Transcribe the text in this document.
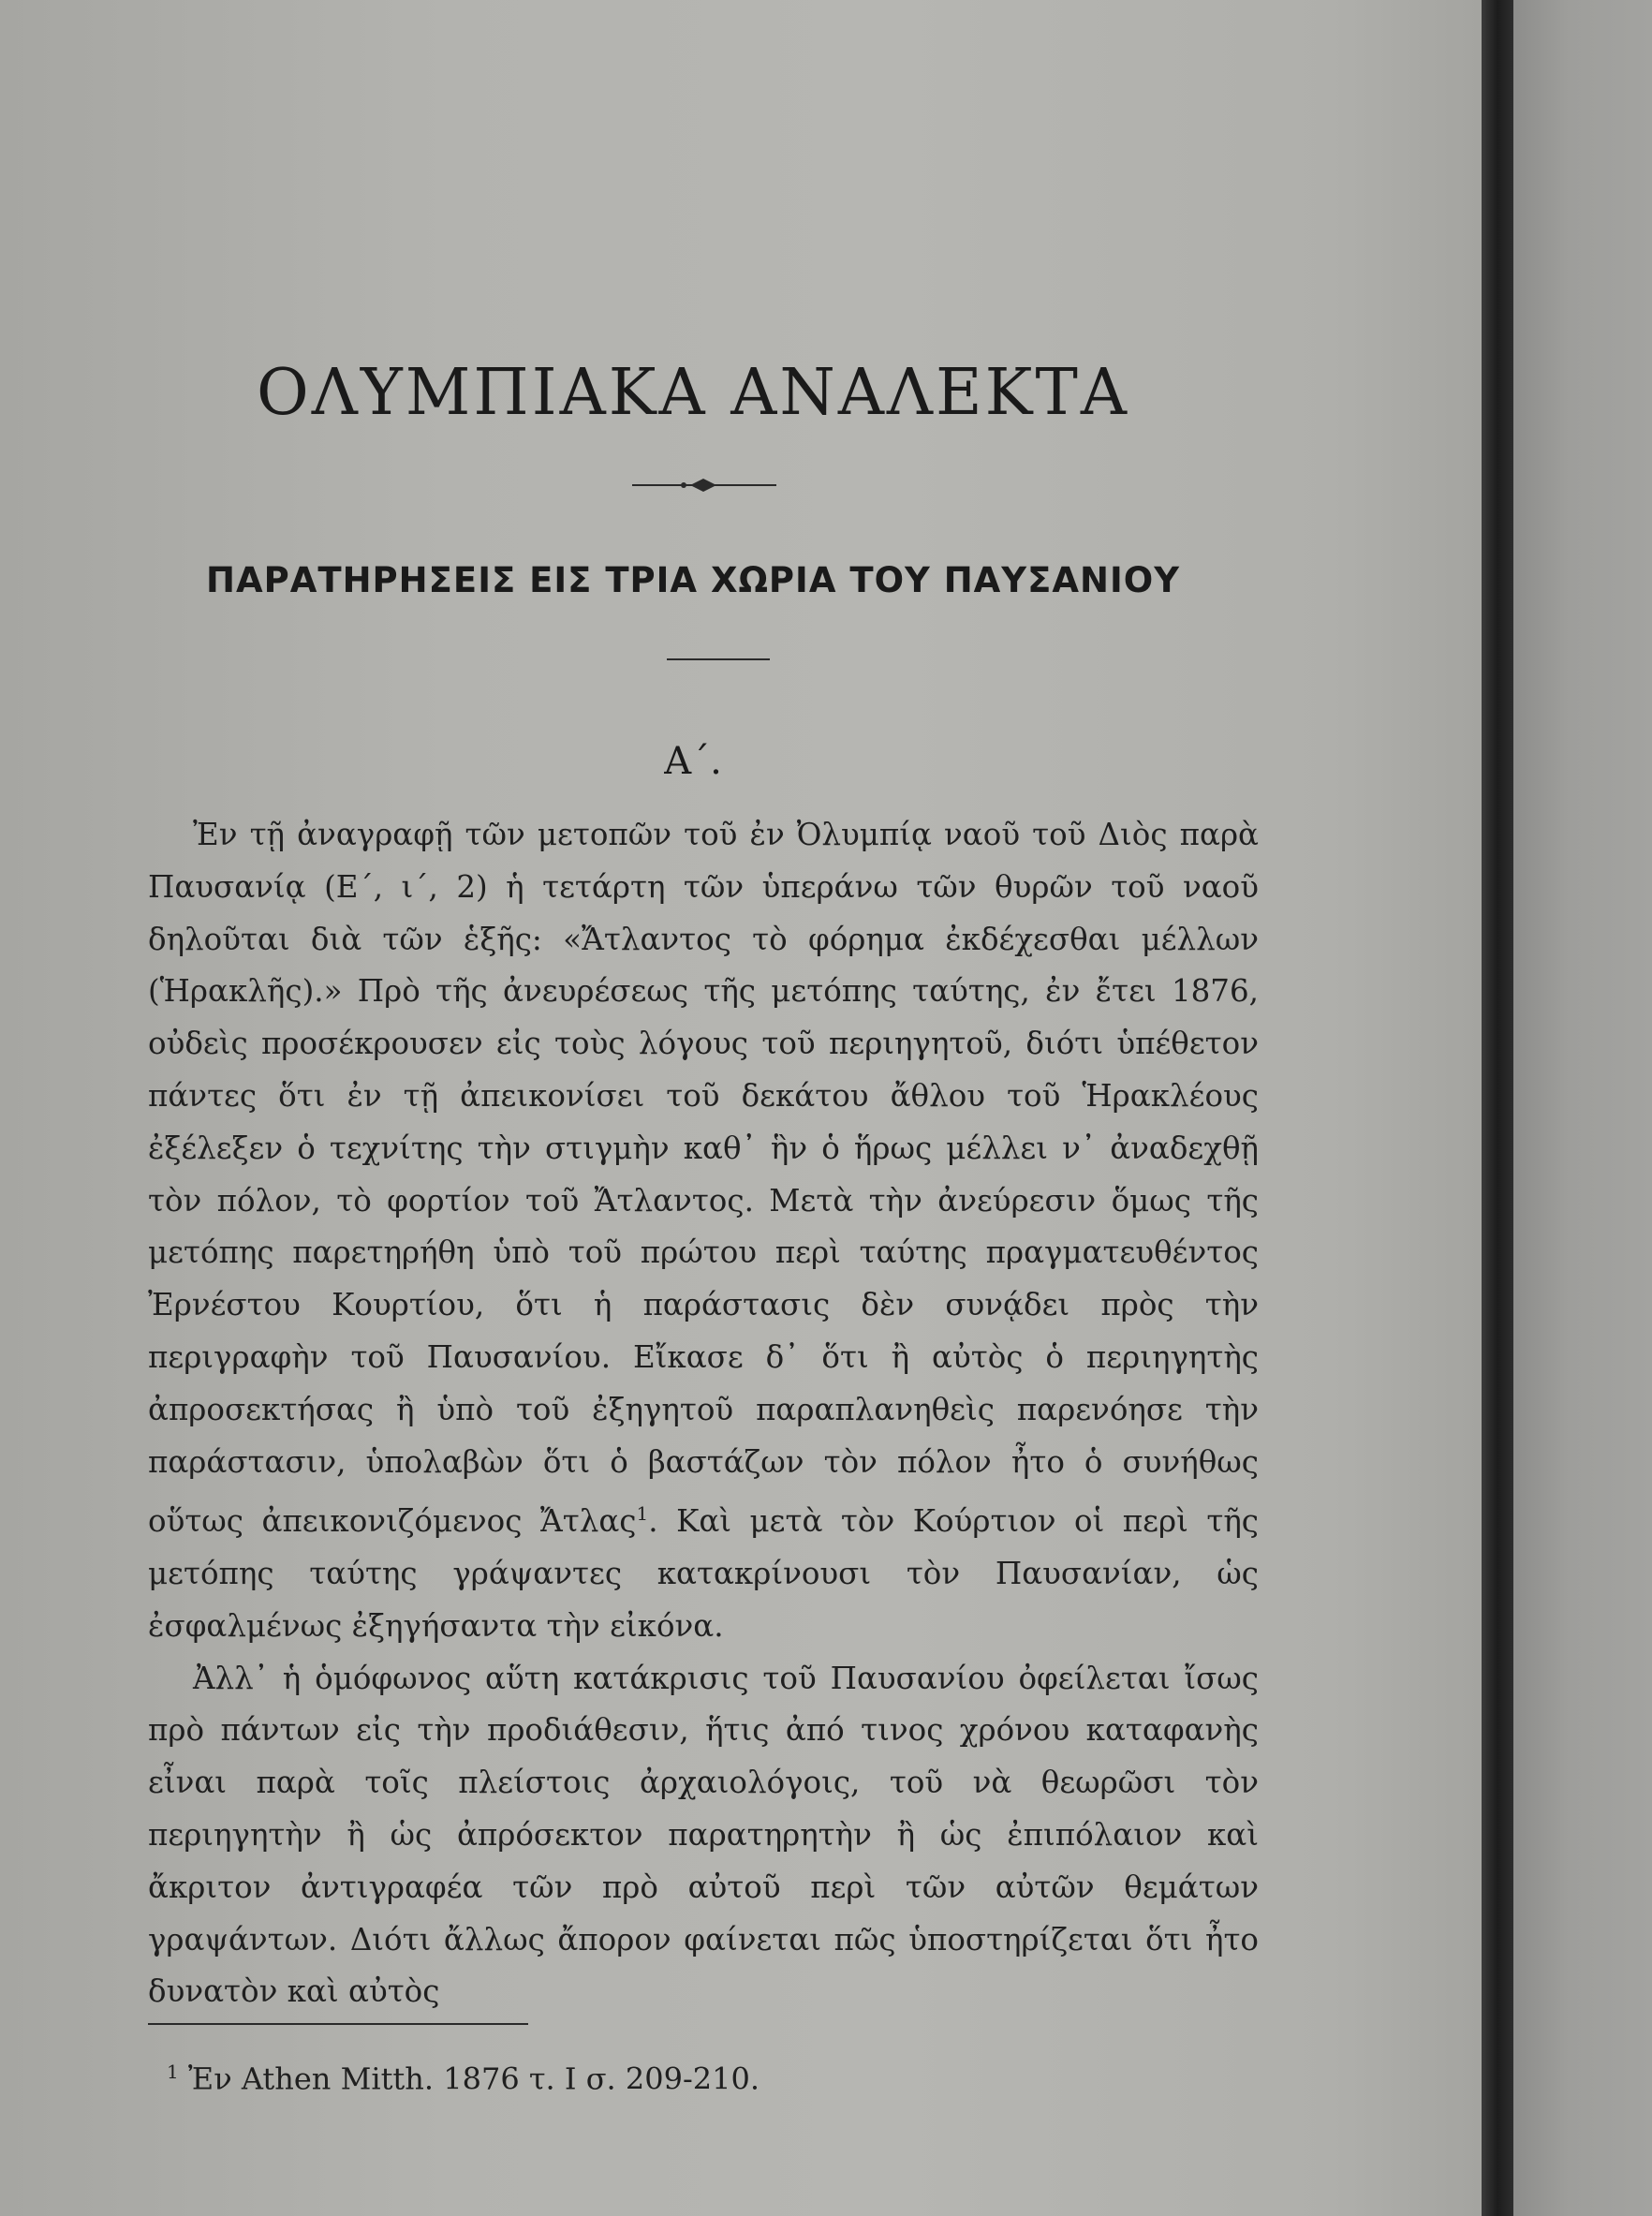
ΟΛΥΜΠΙΑΚΑ ΑΝΑΛΕΚΤΑ
ΠΑΡΑΤΗΡΗΣΕΙΣ ΕΙΣ ΤΡΙΑ ΧΩΡΙΑ ΤΟΥ ΠΑΥΣΑΝΙΟΥ
Α΄.

Ἐν τῇ ἀναγραφῇ τῶν μετοπῶν τοῦ ἐν Ὀλυμπίᾳ ναοῦ τοῦ Διὸς παρὰ Παυσανίᾳ (Ε΄, ι΄, 2) ἡ τετάρτη τῶν ὑπεράνω τῶν θυρῶν τοῦ ναοῦ δηλοῦται διὰ τῶν ἑξῆς: «Ἄτλαντος τὸ φόρημα ἐκδέχεσθαι μέλλων (Ἡρακλῆς).» Πρὸ τῆς ἀνευρέσεως τῆς μετόπης ταύτης, ἐν ἔτει 1876, οὐδεὶς προσέκρουσεν εἰς τοὺς λόγους τοῦ περιηγητοῦ, διότι ὑπέθετον πάντες ὅτι ἐν τῇ ἀπεικονίσει τοῦ δεκάτου ἄθλου τοῦ Ἡρακλέους ἐξέλεξεν ὁ τεχνίτης τὴν στιγμὴν καθ᾽ ἣν ὁ ἥρως μέλλει ν᾽ ἀναδεχθῇ τὸν πόλον, τὸ φορτίον τοῦ Ἄτλαντος. Μετὰ τὴν ἀνεύρεσιν ὅμως τῆς μετόπης παρετηρήθη ὑπὸ τοῦ πρώτου περὶ ταύτης πραγματευθέντος Ἐρνέστου Κουρτίου, ὅτι ἡ παράστασις δὲν συνᾴδει πρὸς τὴν περιγραφὴν τοῦ Παυσανίου. Εἴκασε δ᾽ ὅτι ἢ αὐτὸς ὁ περιηγητὴς ἀπροσεκτήσας ἢ ὑπὸ τοῦ ἐξηγητοῦ παραπλανηθεὶς παρενόησε τὴν παράστασιν, ὑπολαβὼν ὅτι ὁ βαστάζων τὸν πόλον ἦτο ὁ συνήθως οὕτως ἀπεικονιζόμενος Ἄτλας$^1$. Καὶ μετὰ τὸν Κούρτιον οἱ περὶ τῆς μετόπης ταύτης γράψαντες κατακρίνουσι τὸν Παυσανίαν, ὡς ἐσφαλμένως ἐξηγήσαντα τὴν εἰκόνα.

Ἀλλ᾽ ἡ ὁμόφωνος αὕτη κατάκρισις τοῦ Παυσανίου ὀφείλεται ἴσως πρὸ πάντων εἰς τὴν προδιάθεσιν, ἥτις ἀπό τινος χρόνου καταφανὴς εἶναι παρὰ τοῖς πλείστοις ἀρχαιολόγοις, τοῦ νὰ θεωρῶσι τὸν περιηγητὴν ἢ ὡς ἀπρόσεκτον παρατηρητὴν ἢ ὡς ἐπιπόλαιον καὶ ἄκριτον ἀντιγραφέα τῶν πρὸ αὐτοῦ περὶ τῶν αὐτῶν θεμάτων γραψάντων. Διότι ἄλλως ἄπορον φαίνεται πῶς ὑποστηρίζεται ὅτι ἦτο δυνατὸν καὶ αὐτὸς

$^1$ Ἐν Athen Mitth. 1876 τ. I σ. 209-210.
